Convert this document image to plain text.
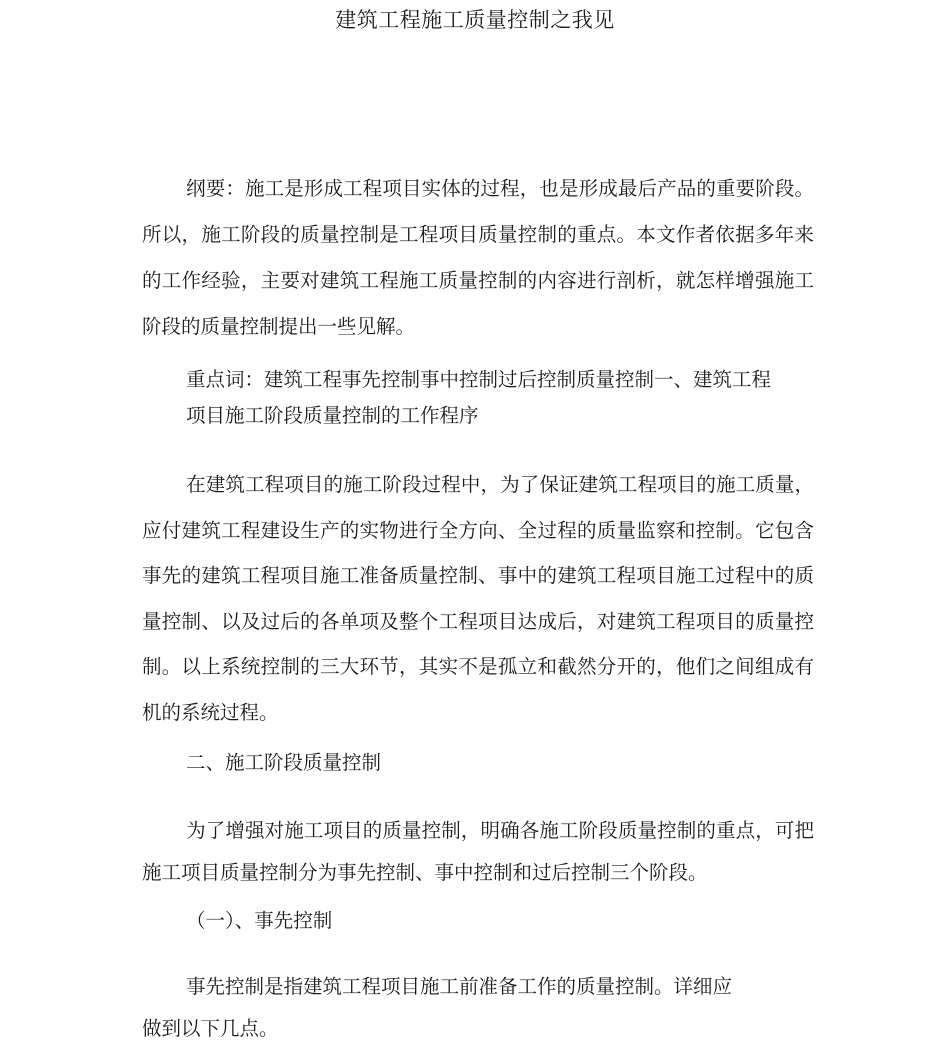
建筑工程施工质量控制之我见

纲要：施工是形成工程项目实体的过程，也是形成最后产品的重要阶段。所以，施工阶段的质量控制是工程项目质量控制的重点。本文作者依据多年来的工作经验，主要对建筑工程施工质量控制的内容进行剖析，就怎样增强施工阶段的质量控制提出一些见解。

重点词：建筑工程事先控制事中控制过后控制质量控制一、建筑工程
项目施工阶段质量控制的工作程序

在建筑工程项目的施工阶段过程中，为了保证建筑工程项目的施工质量，应付建筑工程建设生产的实物进行全方向、全过程的质量监察和控制。它包含事先的建筑工程项目施工准备质量控制、事中的建筑工程项目施工过程中的质量控制、以及过后的各单项及整个工程项目达成后，对建筑工程项目的质量控制。以上系统控制的三大环节，其实不是孤立和截然分开的，他们之间组成有机的系统过程。

二、施工阶段质量控制

为了增强对施工项目的质量控制，明确各施工阶段质量控制的重点，可把施工项目质量控制分为事先控制、事中控制和过后控制三个阶段。

（一）、事先控制

事先控制是指建筑工程项目施工前准备工作的质量控制。详细应
做到以下几点。
